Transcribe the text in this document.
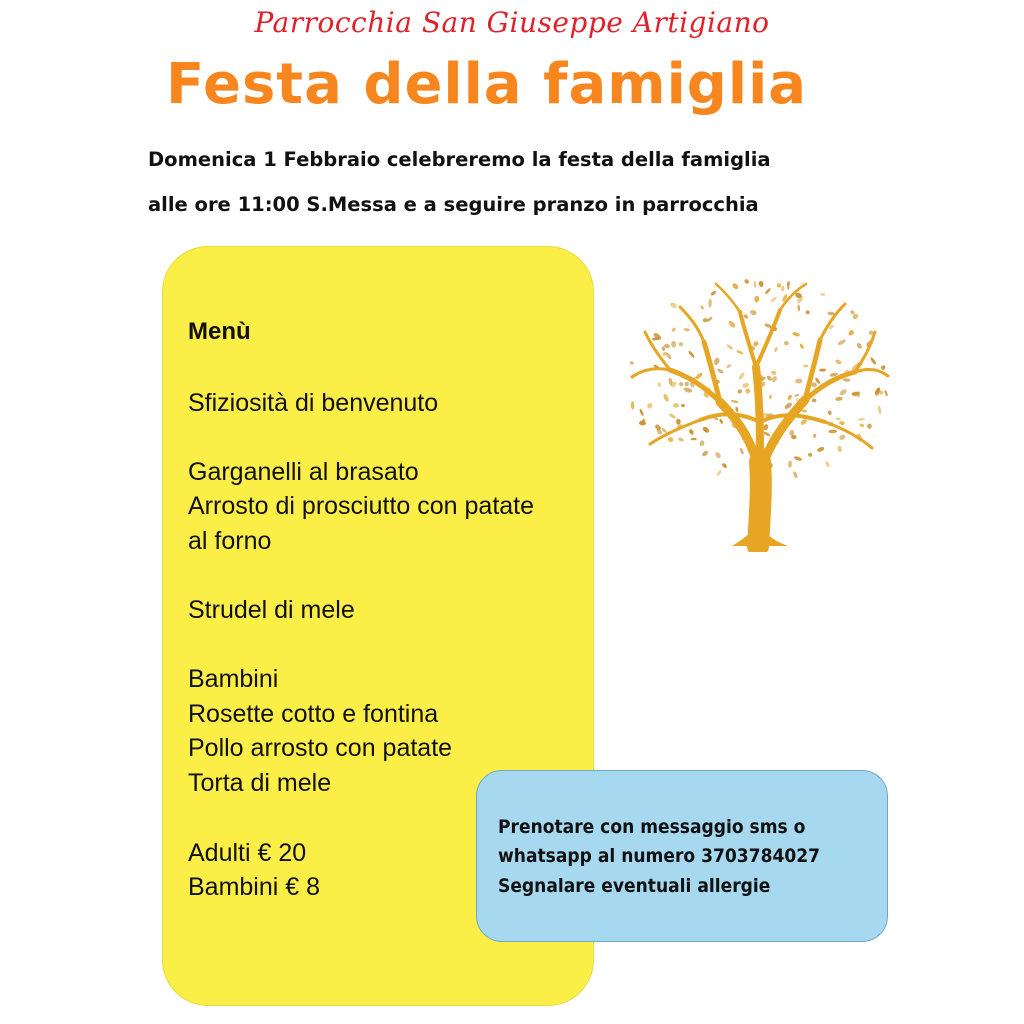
Parrocchia San Giuseppe Artigiano
Festa della famiglia
Domenica 1 Febbraio celebreremo la festa della famiglia
alle ore 11:00 S.Messa e a seguire pranzo in parrocchia
Menù
Sfiziosità di benvenuto
Garganelli al brasato
Arrosto di prosciutto con patate
al forno
Strudel di mele
Bambini
Rosette cotto e fontina
Pollo arrosto con patate
Torta di mele
Adulti € 20
Bambini € 8
Prenotare con messaggio sms o
whatsapp al numero 3703784027
Segnalare eventuali allergie
